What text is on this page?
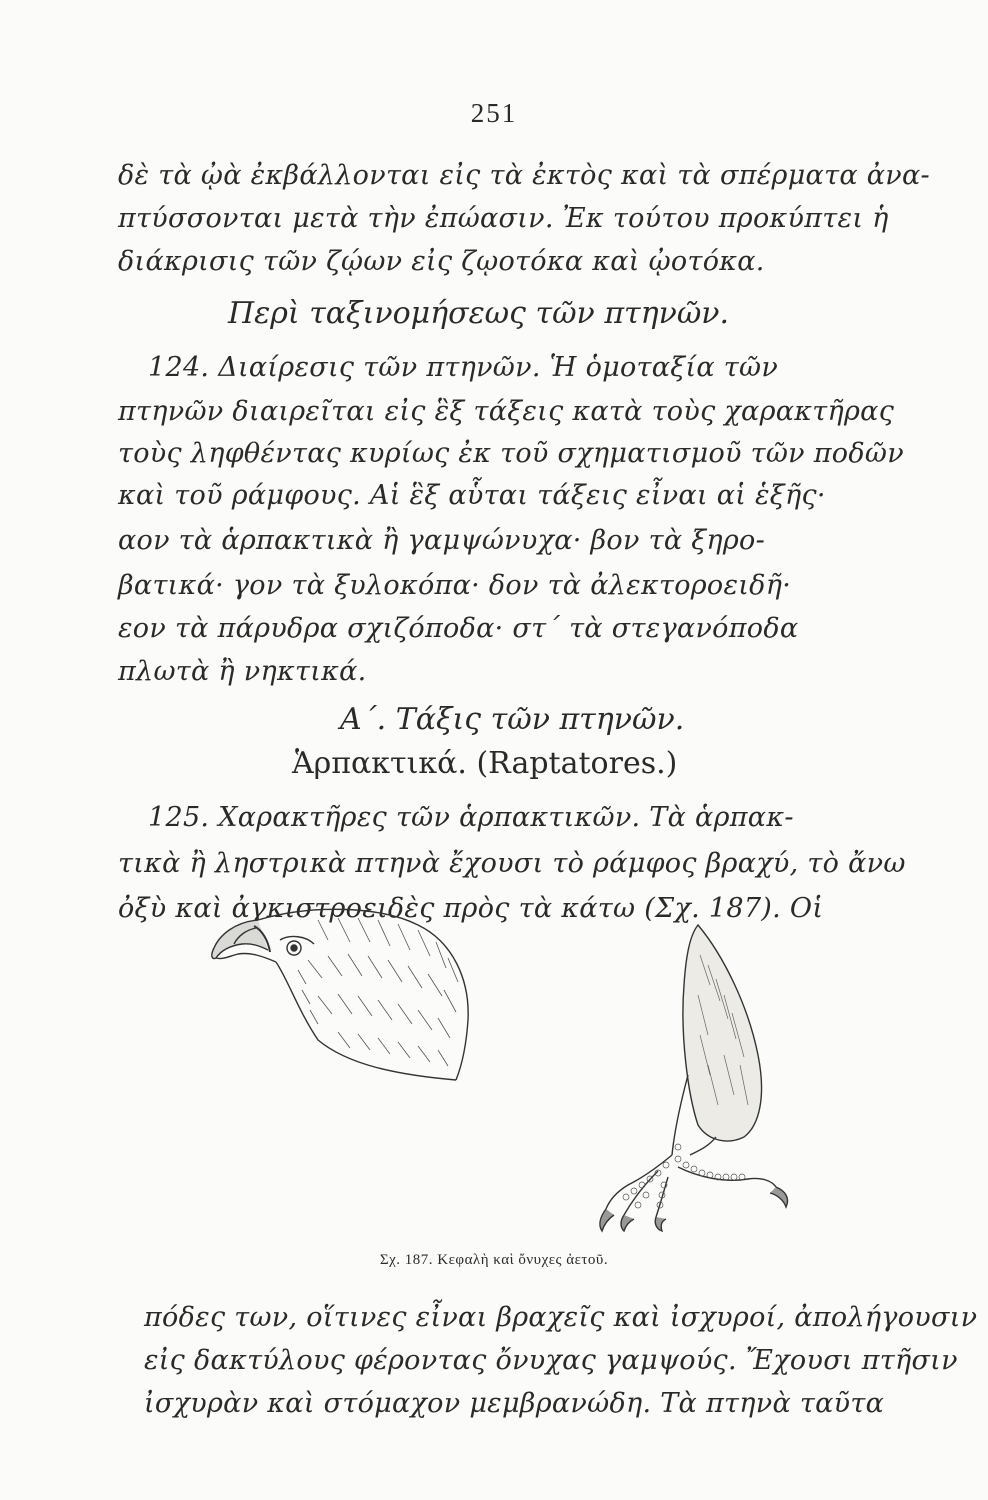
251
δὲ τὰ ᾠὰ ἐκβάλλονται εἰς τὰ ἐκτὸς καὶ τὰ σπέρματα ἀνα-
πτύσσονται μετὰ τὴν ἐπώασιν. Ἐκ τούτου προκύπτει ἡ
διάκρισις τῶν ζῴων εἰς ζῳοτόκα καὶ ᾠοτόκα.
Περὶ ταξινομήσεως τῶν πτηνῶν.
124. Διαίρεσις τῶν πτηνῶν. Ἡ ὁμοταξία τῶν
πτηνῶν διαιρεῖται εἰς ἓξ τάξεις κατὰ τοὺς χαρακτῆρας
τοὺς ληφθέντας κυρίως ἐκ τοῦ σχηματισμοῦ τῶν ποδῶν
καὶ τοῦ ράμφους. Αἱ ἓξ αὗται τάξεις εἶναι αἱ ἑξῆς·
αον τὰ ἁρπακτικὰ ἢ γαμψώνυχα· βον τὰ ξηρο-
βατικά· γον τὰ ξυλοκόπα· δον τὰ ἀλεκτοροειδῆ·
εον τὰ πάρυδρα σχιζόποδα· στ´ τὰ στεγανόποδα
πλωτὰ ἢ νηκτικά.
Α´. Τάξις τῶν πτηνῶν.
Ἁρπακτικά. (Raptatores.)
125. Χαρακτῆρες τῶν ἁρπακτικῶν. Τὰ ἁρπακ-
τικὰ ἢ ληστρικὰ πτηνὰ ἔχουσι τὸ ράμφος βραχύ, τὸ ἄνω
ὀξὺ καὶ ἀγκιστροειδὲς πρὸς τὰ κάτω (Σχ. 187). Οἱ
Σχ. 187. Κεφαλὴ καὶ ὄνυχες ἀετοῦ.
πόδες των, οἵτινες εἶναι βραχεῖς καὶ ἰσχυροί, ἀπολήγουσιν
εἰς δακτύλους φέροντας ὄνυχας γαμψούς. Ἔχουσι πτῆσιν
ἰσχυρὰν καὶ στόμαχον μεμβρανώδη. Τὰ πτηνὰ ταῦτα
